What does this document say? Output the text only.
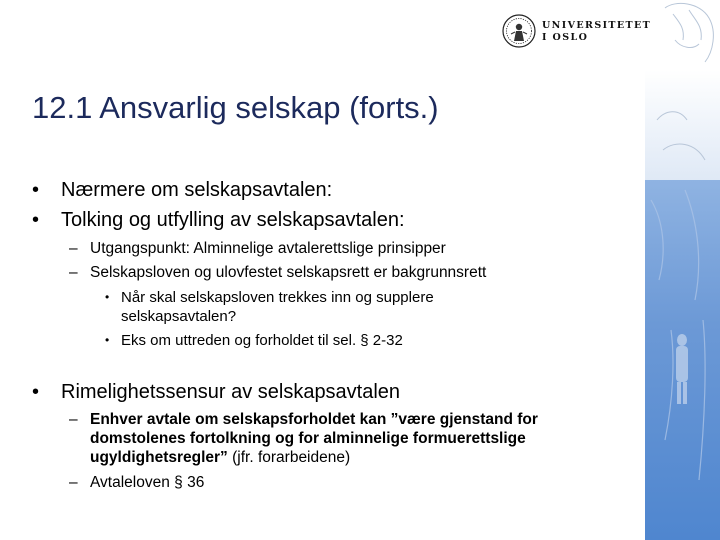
UNIVERSITETET
I OSLO
12.1 Ansvarlig selskap (forts.)
• Nærmere om selskapsavtalen:
• Tolking og utfylling av selskapsavtalen:
– Utgangspunkt: Alminnelige avtalerettslige prinsipper
– Selskapsloven og ulovfestet selskapsrett er bakgrunnsrett
• Når skal selskapsloven trekkes inn og supplere selskapsavtalen?
• Eks om uttreden og forholdet til sel. § 2-32
• Rimelighetssensur av selskapsavtalen
– Enhver avtale om selskapsforholdet kan ”være gjenstand for domstolenes fortolkning og for alminnelige formuerettslige ugyldighetsregler” (jfr. forarbeidene)
– Avtaleloven § 36
